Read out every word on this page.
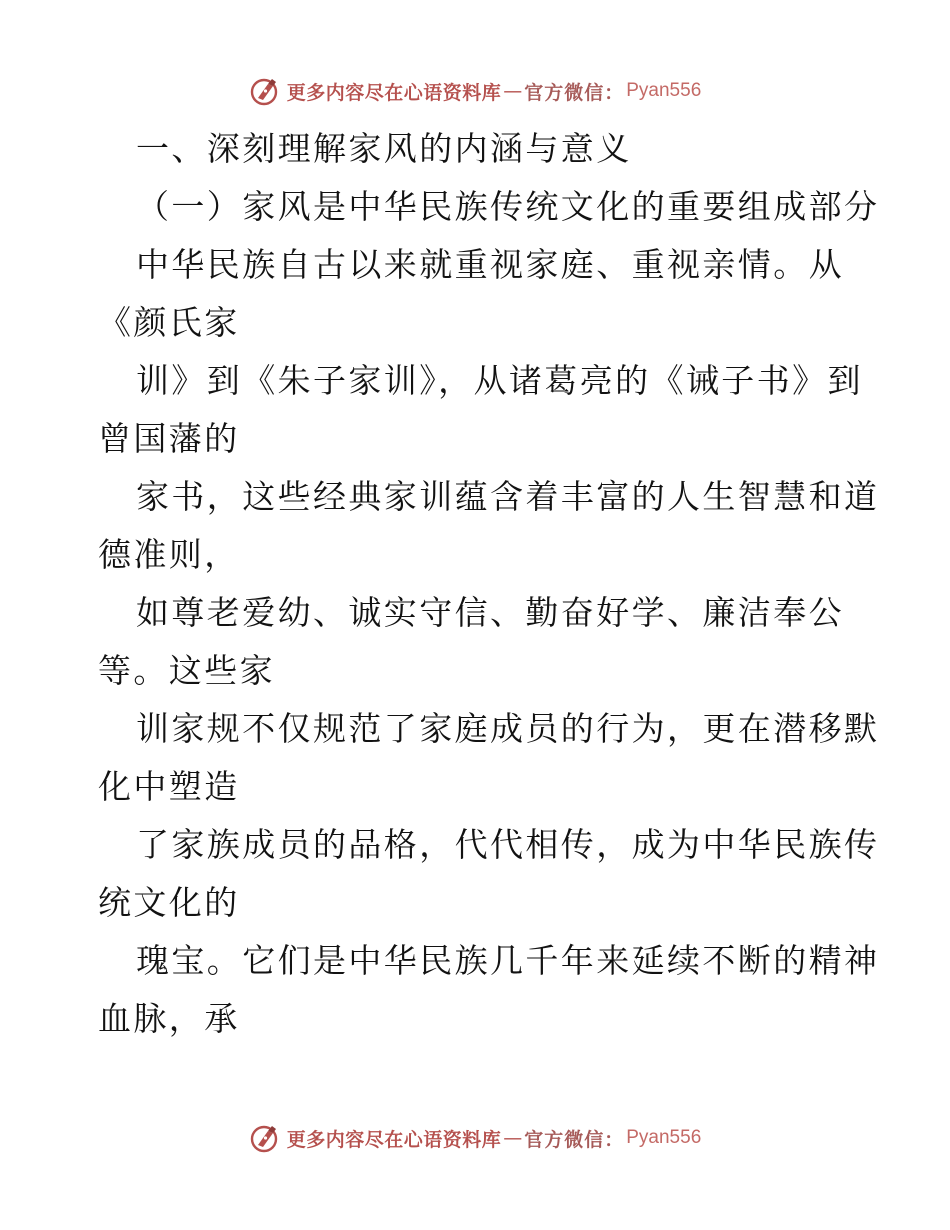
更多内容尽在心语资料库 — 官方微信： Pyan556
一、深刻理解家风的内涵与意义
（一）家风是中华民族传统文化的重要组成部分
中华民族自古以来就重视家庭、重视亲情。从
《颜氏家
训》到《朱子家训》，从诸葛亮的《诫子书》到
曾国藩的
家书，这些经典家训蕴含着丰富的人生智慧和道
德准则，
如尊老爱幼、诚实守信、勤奋好学、廉洁奉公
等。这些家
训家规不仅规范了家庭成员的行为，更在潜移默
化中塑造
了家族成员的品格，代代相传，成为中华民族传
统文化的
瑰宝。它们是中华民族几千年来延续不断的精神
血脉，承
更多内容尽在心语资料库 — 官方微信： Pyan556
